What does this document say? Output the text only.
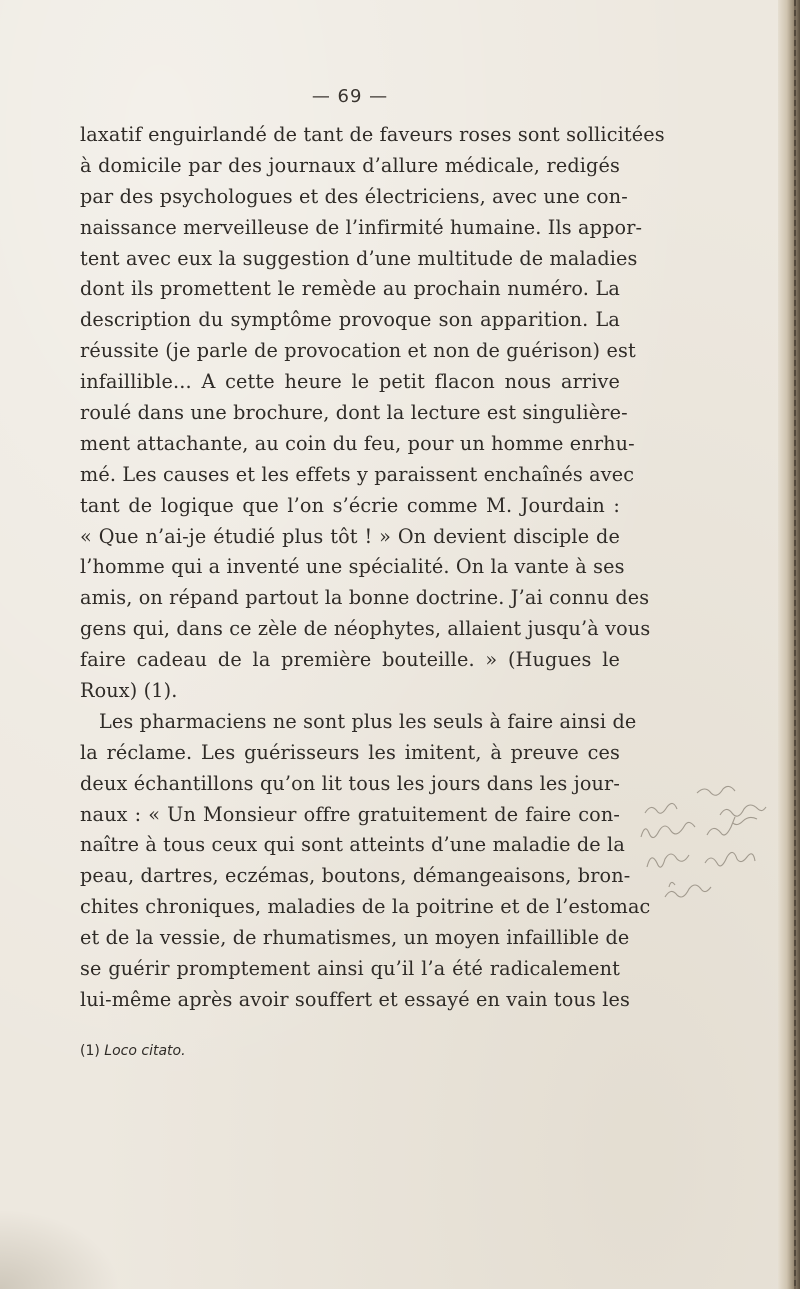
— 69 —
laxatif enguirlandé de tant de faveurs roses sont sollicitées
à domicile par des journaux d’allure médicale, redigés
par des psychologues et des électriciens, avec une con-
naissance merveilleuse de l’infirmité humaine. Ils appor-
tent avec eux la suggestion d’une multitude de maladies
dont ils promettent le remède au prochain numéro. La
description du symptôme provoque son apparition. La
réussite (je parle de provocation et non de guérison) est
infaillible... A cette heure le petit flacon nous arrive
roulé dans une brochure, dont la lecture est singulière-
ment attachante, au coin du feu, pour un homme enrhu-
mé. Les causes et les effets y paraissent enchaînés avec
tant de logique que l’on s’écrie comme M. Jourdain :
« Que n’ai-je étudié plus tôt ! » On devient disciple de
l’homme qui a inventé une spécialité. On la vante à ses
amis, on répand partout la bonne doctrine. J’ai connu des
gens qui, dans ce zèle de néophytes, allaient jusqu’à vous
faire cadeau de la première bouteille. » (Hugues le
Roux) (1).
Les pharmaciens ne sont plus les seuls à faire ainsi de
la réclame. Les guérisseurs les imitent, à preuve ces
deux échantillons qu’on lit tous les jours dans les jour-
naux : « Un Monsieur offre gratuitement de faire con-
naître à tous ceux qui sont atteints d’une maladie de la
peau, dartres, eczémas, boutons, démangeaisons, bron-
chites chroniques, maladies de la poitrine et de l’estomac
et de la vessie, de rhumatismes, un moyen infaillible de
se guérir promptement ainsi qu’il l’a été radicalement
lui-même après avoir souffert et essayé en vain tous les
(1) Loco citato.
